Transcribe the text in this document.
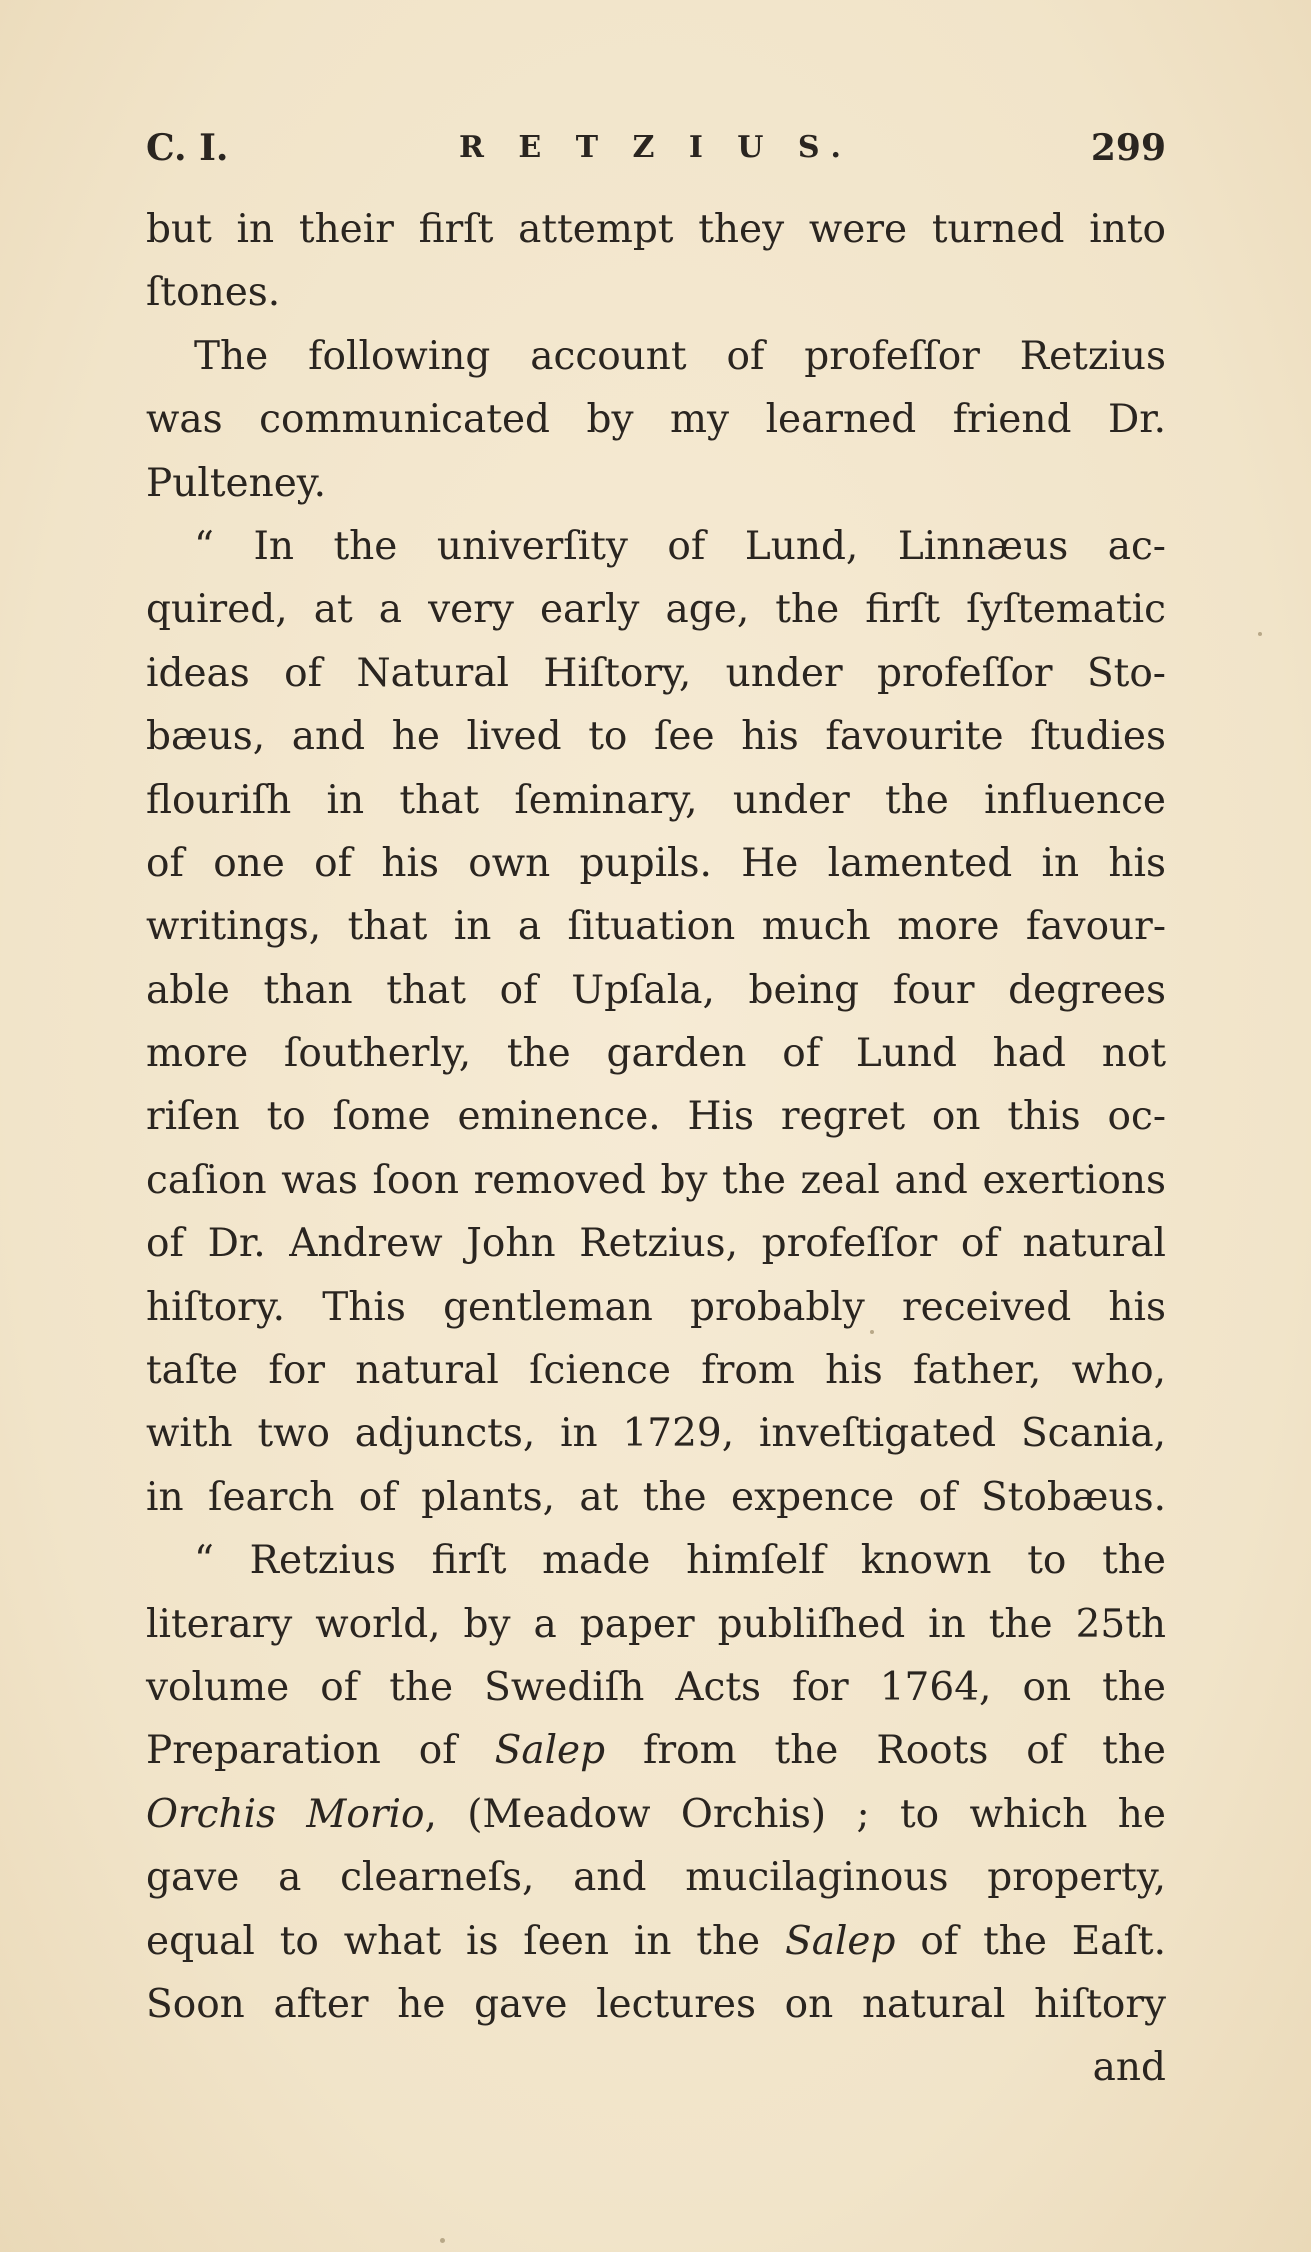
C. I.	R E T Z I U S.	299
but in their firſt attempt they were turned into
ſtones.
The following account of profeſſor Retzius
was communicated by my learned friend Dr.
Pulteney.
“ In the univerſity of Lund, Linnæus ac-
quired, at a very early age, the firſt ſyſtematic
ideas of Natural Hiſtory, under profeſſor Sto-
bæus, and he lived to ſee his favourite ſtudies
flouriſh in that ſeminary, under the influence
of one of his own pupils. He lamented in his
writings, that in a ſituation much more favour-
able than that of Upſala, being four degrees
more ſoutherly, the garden of Lund had not
riſen to ſome eminence. His regret on this oc-
caſion was ſoon removed by the zeal and exertions
of Dr. Andrew John Retzius, profeſſor of natural
hiſtory. This gentleman probably received his
taſte for natural ſcience from his father, who,
with two adjuncts, in 1729, inveſtigated Scania,
in ſearch of plants, at the expence of Stobæus.
“ Retzius firſt made himſelf known to the
literary world, by a paper publiſhed in the 25th
volume of the Swediſh Acts for 1764, on the
Preparation of Salep from the Roots of the
Orchis Morio, (Meadow Orchis) ; to which he
gave a clearneſs, and mucilaginous property,
equal to what is ſeen in the Salep of the Eaſt.
Soon after he gave lectures on natural hiſtory
and
